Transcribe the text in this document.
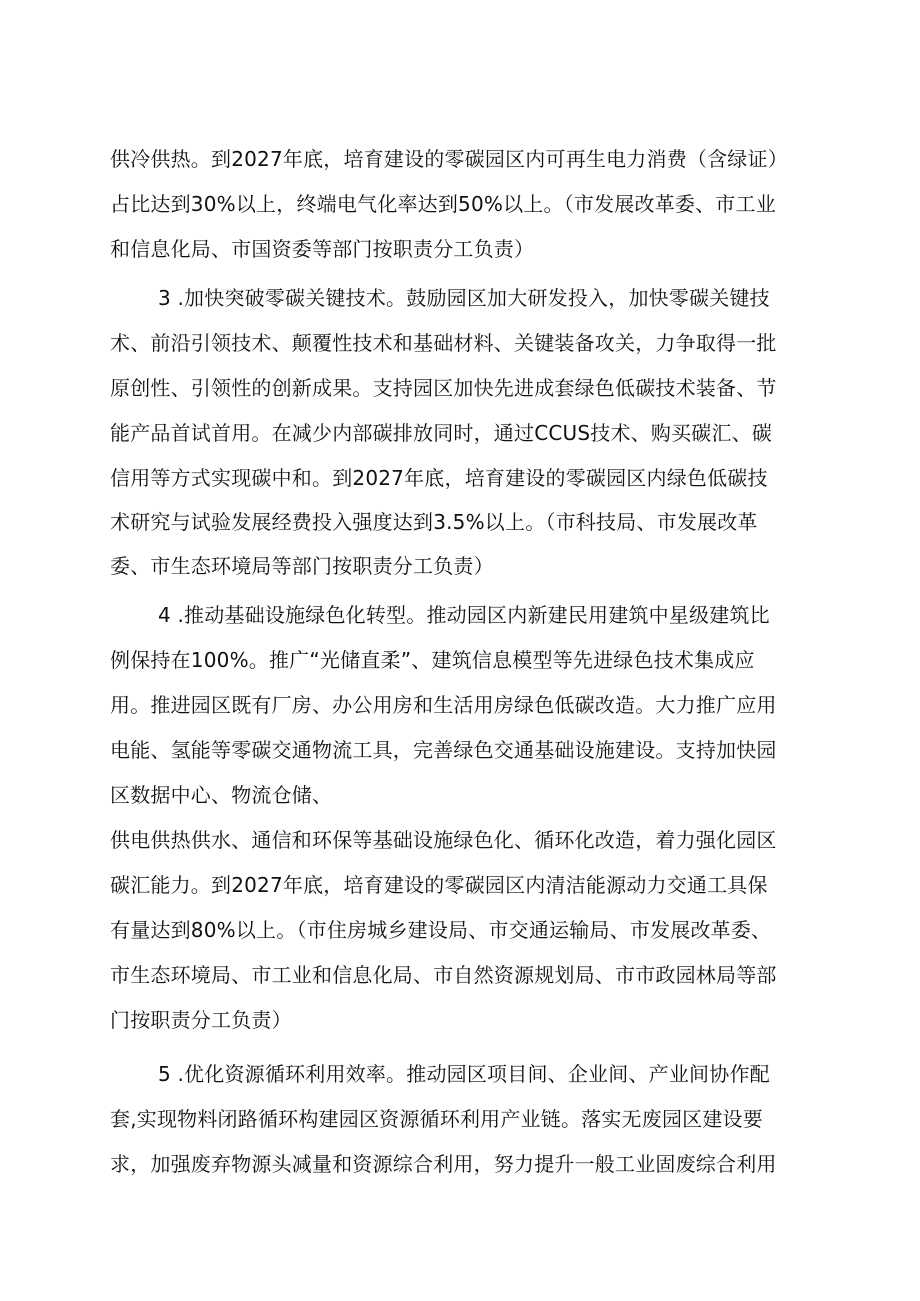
供冷供热。到2027年底，培育建设的零碳园区内可再生电力消费（含绿证）
占比达到30%以上，终端电气化率达到50%以上。（市发展改革委、市工业
和信息化局、市国资委等部门按职责分工负责）
3 .加快突破零碳关键技术。鼓励园区加大研发投入，加快零碳关键技
术、前沿引领技术、颠覆性技术和基础材料、关键装备攻关，力争取得一批
原创性、引领性的创新成果。支持园区加快先进成套绿色低碳技术装备、节
能产品首试首用。在减少内部碳排放同时，通过CCUS技术、购买碳汇、碳
信用等方式实现碳中和。到2027年底，培育建设的零碳园区内绿色低碳技
术研究与试验发展经费投入强度达到3.5%以上。（市科技局、市发展改革
委、市生态环境局等部门按职责分工负责）
4 .推动基础设施绿色化转型。推动园区内新建民用建筑中星级建筑比
例保持在100%。推广“光储直柔”、建筑信息模型等先进绿色技术集成应
用。推进园区既有厂房、办公用房和生活用房绿色低碳改造。大力推广应用
电能、氢能等零碳交通物流工具，完善绿色交通基础设施建设。支持加快园
区数据中心、物流仓储、
供电供热供水、通信和环保等基础设施绿色化、循环化改造，着力强化园区
碳汇能力。到2027年底，培育建设的零碳园区内清洁能源动力交通工具保
有量达到80%以上。（市住房城乡建设局、市交通运输局、市发展改革委、
市生态环境局、市工业和信息化局、市自然资源规划局、市市政园林局等部
门按职责分工负责）
5 .优化资源循环利用效率。推动园区项目间、企业间、产业间协作配
套,实现物料闭路循环构建园区资源循环利用产业链。落实无废园区建设要
求，加强废弃物源头减量和资源综合利用，努力提升一般工业固废综合利用
